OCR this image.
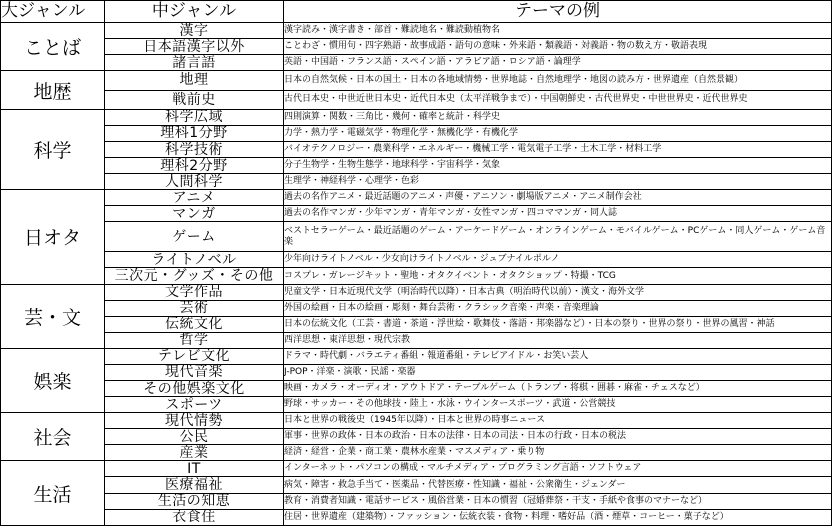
大ジャンル	中ジャンル	テーマの例
ことば	漢字	漢字読み・漢字書き・部首・難読地名・難読動植物名
	日本語漢字以外	ことわざ・慣用句・四字熟語・故事成語・語句の意味・外来語・類義語・対義語・物の数え方・敬語表現
	諸言語	英語・中国語・フランス語・スペイン語・アラビア語・ロシア語・論理学
地歴	地理	日本の自然気候・日本の国土・日本の各地域情勢・世界地誌・自然地理学・地図の読み方・世界遺産（自然景観）
	戦前史	古代日本史・中世近世日本史・近代日本史（太平洋戦争まで）・中国朝鮮史・古代世界史・中世世界史・近代世界史
科学	科学広域	四則演算・関数・三角比・幾何・確率と統計・科学史
	理科1分野	力学・熱力学・電磁気学・物理化学・無機化学・有機化学
	科学技術	バイオテクノロジー・農業科学・エネルギー・機械工学・電気電子工学・土木工学・材料工学
	理科2分野	分子生物学・生物生態学・地球科学・宇宙科学・気象
	人間科学	生理学・神経科学・心理学・色彩
日オタ	アニメ	過去の名作アニメ・最近話題のアニメ・声優・アニソン・劇場版アニメ・アニメ制作会社
	マンガ	過去の名作マンガ・少年マンガ・青年マンガ・女性マンガ・四コママンガ・同人誌
	ゲーム	ベストセラーゲーム・最近話題のゲーム・アーケードゲーム・オンラインゲーム・モバイルゲーム・PCゲーム・同人ゲーム・ゲーム音楽
	ライトノベル	少年向けライトノベル・少女向けライトノベル・ジュブナイルポルノ
	三次元・グッズ・その他	コスプレ・ガレージキット・聖地・オタクイベント・オタクショップ・特撮・TCG
芸・文	文学作品	児童文学・日本近現代文学（明治時代以降）・日本古典（明治時代以前）・漢文・海外文学
	芸術	外国の絵画・日本の絵画・彫刻・舞台芸術・クラシック音楽・声楽・音楽理論
	伝統文化	日本の伝統文化（工芸・書道・茶道・浮世絵・歌舞伎・落語・邦楽器など）・日本の祭り・世界の祭り・世界の風習・神話
	哲学	西洋思想・東洋思想・現代宗教
娯楽	テレビ文化	ドラマ・時代劇・バラエティ番組・報道番組・テレビアイドル・お笑い芸人
	現代音楽	J-POP・洋楽・演歌・民謡・楽器
	その他娯楽文化	映画・カメラ・オーディオ・アウトドア・テーブルゲーム（トランプ・将棋・囲碁・麻雀・チェスなど）
	スポーツ	野球・サッカー・その他球技・陸上・水泳・ウインタースポーツ・武道・公営競技
社会	現代情勢	日本と世界の戦後史（1945年以降）・日本と世界の時事ニュース
	公民	軍事・世界の政体・日本の政治・日本の法律・日本の司法・日本の行政・日本の税法
	産業	経済・経営・企業・商工業・農林水産業・マスメディア・乗り物
生活	IT	インターネット・パソコンの構成・マルチメディア・プログラミング言語・ソフトウェア
	医療福祉	病気・障害・救急手当て・医薬品・代替医療・性知識・福祉・公衆衛生・ジェンダー
	生活の知恵	教育・消費者知識・電話サービス・風俗営業・日本の慣習（冠婚葬祭・干支・手紙や食事のマナーなど）
	衣食住	住居・世界遺産（建築物）・ファッション・伝統衣装・食物・料理・嗜好品（酒・煙草・コーヒー・菓子など）
